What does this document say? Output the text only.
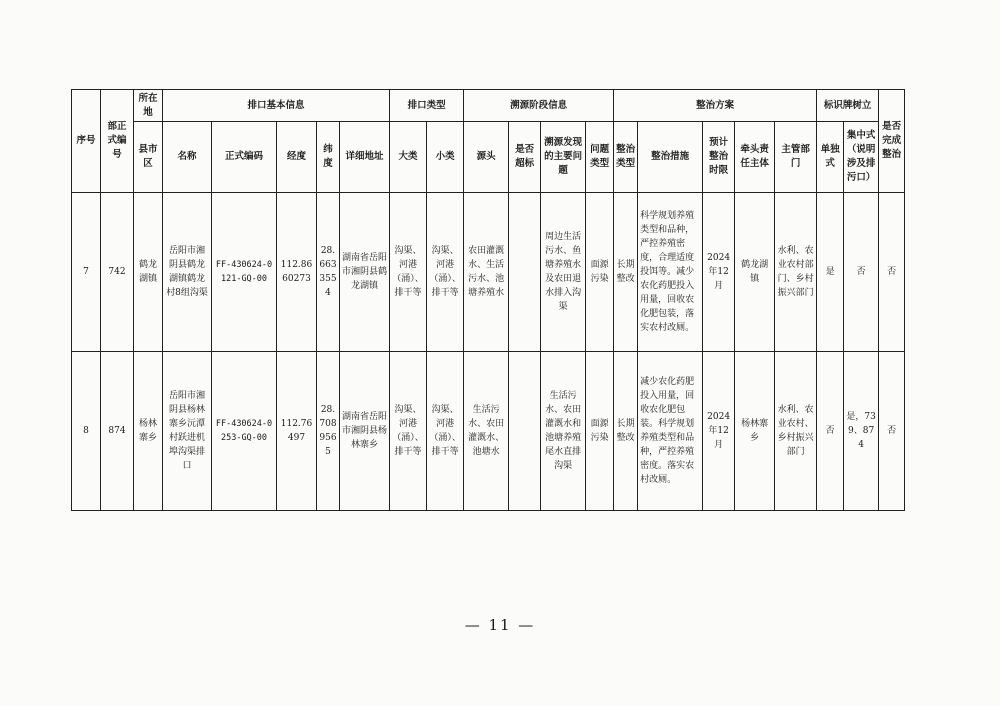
序号	部正式编号	所在地	排口基本信息					排口类型		溯源阶段信息				整治方案					标识牌树立		是否完成整治
		县市区	名称	正式编码	经度	纬度	详细地址	大类	小类	源头	是否超标	溯源发现的主要问题	问题类型	整治类型	整治措施	预计整治时限	牵头责任主体	主管部门	单独式	集中式（说明涉及排污口）	
7	742	鹤龙湖镇	岳阳市湘阴县鹤龙湖镇鹤龙村8组沟渠	FF-430624-0121-GQ-00	112.8660273	28.6633554	湖南省岳阳市湘阴县鹤龙湖镇	沟渠、河港（涌）、排干等	沟渠、河港（涌）、排干等	农田灌溉水、生活污水、池塘养殖水		周边生活污水、鱼塘养殖水及农田退水排入沟渠	面源污染	长期整改	科学规划养殖类型和品种，严控养殖密度，合理适度投饵等。减少农化药肥投入用量，回收农化肥包装，落实农村改厕。	2024年12月	鹤龙湖镇	水利、农业农村部门、乡村振兴部门	是	否	否
8	874	杨林寨乡	岳阳市湘阴县杨林寨乡沅潭村跃进机埠沟渠排口	FF-430624-0253-GQ-00	112.76497	28.7089565	湖南省岳阳市湘阴县杨林寨乡	沟渠、河港（涌）、排干等	沟渠、河港（涌）、排干等	生活污水、农田灌溉水、池塘水		生活污水、农田灌溉水和池塘养殖尾水直排沟渠	面源污染	长期整改	减少农化药肥投入用量，回收农化肥包装。科学规划养殖类型和品种，严控养殖密度。落实农村改厕。	2024年12月	杨林寨乡	水利、农业农村、乡村振兴部门	否	是，739、874	否
— 11 —
